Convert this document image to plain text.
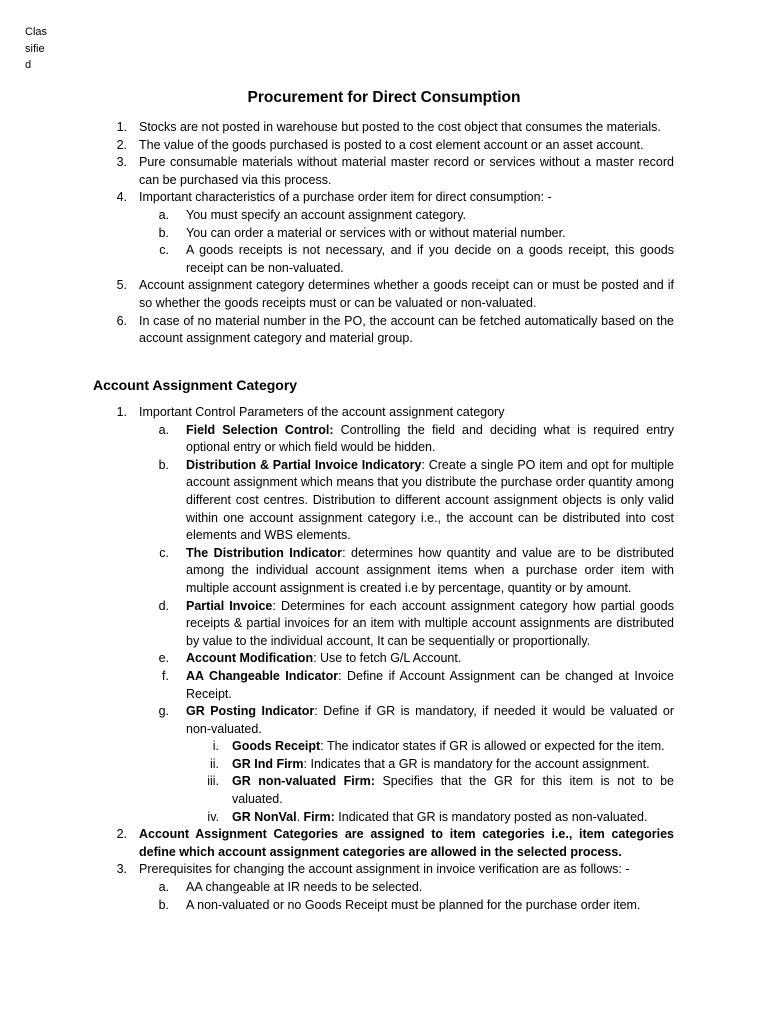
Classified
Procurement for Direct Consumption
1. Stocks are not posted in warehouse but posted to the cost object that consumes the materials.
2. The value of the goods purchased is posted to a cost element account or an asset account.
3. Pure consumable materials without material master record or services without a master record can be purchased via this process.
4. Important characteristics of a purchase order item for direct consumption: -
a. You must specify an account assignment category.
b. You can order a material or services with or without material number.
c. A goods receipts is not necessary, and if you decide on a goods receipt, this goods receipt can be non-valuated.
5. Account assignment category determines whether a goods receipt can or must be posted and if so whether the goods receipts must or can be valuated or non-valuated.
6. In case of no material number in the PO, the account can be fetched automatically based on the account assignment category and material group.
Account Assignment Category
1. Important Control Parameters of the account assignment category
a. Field Selection Control: Controlling the field and deciding what is required entry optional entry or which field would be hidden.
b. Distribution & Partial Invoice Indicatory: Create a single PO item and opt for multiple account assignment which means that you distribute the purchase order quantity among different cost centres. Distribution to different account assignment objects is only valid within one account assignment category i.e., the account can be distributed into cost elements and WBS elements.
c. The Distribution Indicator: determines how quantity and value are to be distributed among the individual account assignment items when a purchase order item with multiple account assignment is created i.e by percentage, quantity or by amount.
d. Partial Invoice: Determines for each account assignment category how partial goods receipts & partial invoices for an item with multiple account assignments are distributed by value to the individual account, It can be sequentially or proportionally.
e. Account Modification: Use to fetch G/L Account.
f. AA Changeable Indicator: Define if Account Assignment can be changed at Invoice Receipt.
g. GR Posting Indicator: Define if GR is mandatory, if needed it would be valuated or non-valuated.
i. Goods Receipt: The indicator states if GR is allowed or expected for the item.
ii. GR Ind Firm: Indicates that a GR is mandatory for the account assignment.
iii. GR non-valuated Firm: Specifies that the GR for this item is not to be valuated.
iv. GR NonVal. Firm: Indicated that GR is mandatory posted as non-valuated.
2. Account Assignment Categories are assigned to item categories i.e., item categories define which account assignment categories are allowed in the selected process.
3. Prerequisites for changing the account assignment in invoice verification are as follows: -
a. AA changeable at IR needs to be selected.
b. A non-valuated or no Goods Receipt must be planned for the purchase order item.
